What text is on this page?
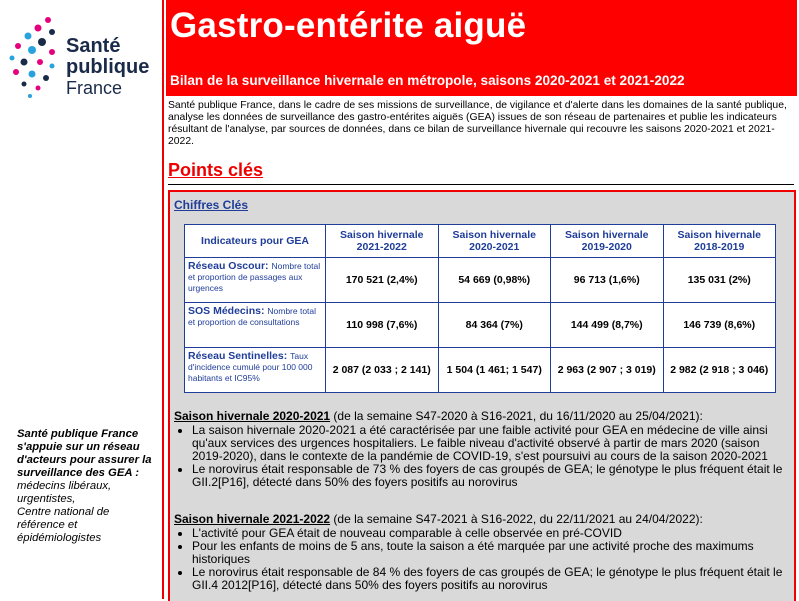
Santé
publique
France
Santé publique France s'appuie sur un réseau d'acteurs pour assurer la surveillance des GEA :
médecins libéraux,
urgentistes,
Centre national de référence et épidémiologistes
Gastro-entérite aiguë
Bilan de la surveillance hivernale en métropole, saisons 2020-2021 et 2021-2022
Santé publique France, dans le cadre de ses missions de surveillance, de vigilance et d'alerte dans les domaines de la santé publique, analyse les données de surveillance des gastro-entérites aiguës (GEA) issues de son réseau de partenaires et publie les indicateurs résultant de l'analyse, par sources de données, dans ce bilan de surveillance hivernale qui recouvre les saisons 2020-2021 et 2021-2022.
Points clés
Chiffres Clés
Indicateurs pour GEA	Saison hivernale 2021-2022	Saison hivernale 2020-2021	Saison hivernale 2019-2020	Saison hivernale 2018-2019
Réseau Oscour: Nombre total et proportion de passages aux urgences	170 521 (2,4%)	54 669 (0,98%)	96 713 (1,6%)	135 031 (2%)
SOS Médecins: Nombre total et proportion de consultations	110 998 (7,6%)	84 364 (7%)	144 499 (8,7%)	146 739 (8,6%)
Réseau Sentinelles: Taux d'incidence cumulé pour 100 000 habitants et IC95%	2 087 (2 033 ; 2 141)	1 504 (1 461; 1 547)	2 963 (2 907 ; 3 019)	2 982 (2 918 ; 3 046)
Saison hivernale 2020-2021 (de la semaine S47-2020 à S16-2021, du 16/11/2020 au 25/04/2021):
• La saison hivernale 2020-2021 a été caractérisée par une faible activité pour GEA en médecine de ville ainsi qu'aux services des urgences hospitaliers. Le faible niveau d'activité observé à partir de mars 2020 (saison 2019-2020), dans le contexte de la pandémie de COVID-19, s'est poursuivi au cours de la saison 2020-2021
• Le norovirus était responsable de 73 % des foyers de cas groupés de GEA; le génotype le plus fréquent était le GII.2[P16], détecté dans 50% des foyers positifs au norovirus
Saison hivernale 2021-2022 (de la semaine S47-2021 à S16-2022, du 22/11/2021 au 24/04/2022):
• L'activité pour GEA était de nouveau comparable à celle observée en pré-COVID
• Pour les enfants de moins de 5 ans, toute la saison a été marquée par une activité proche des maximums historiques
• Le norovirus était responsable de 84 % des foyers de cas groupés de GEA; le génotype le plus fréquent était le GII.4 2012[P16], détecté dans 50% des foyers positifs au norovirus
